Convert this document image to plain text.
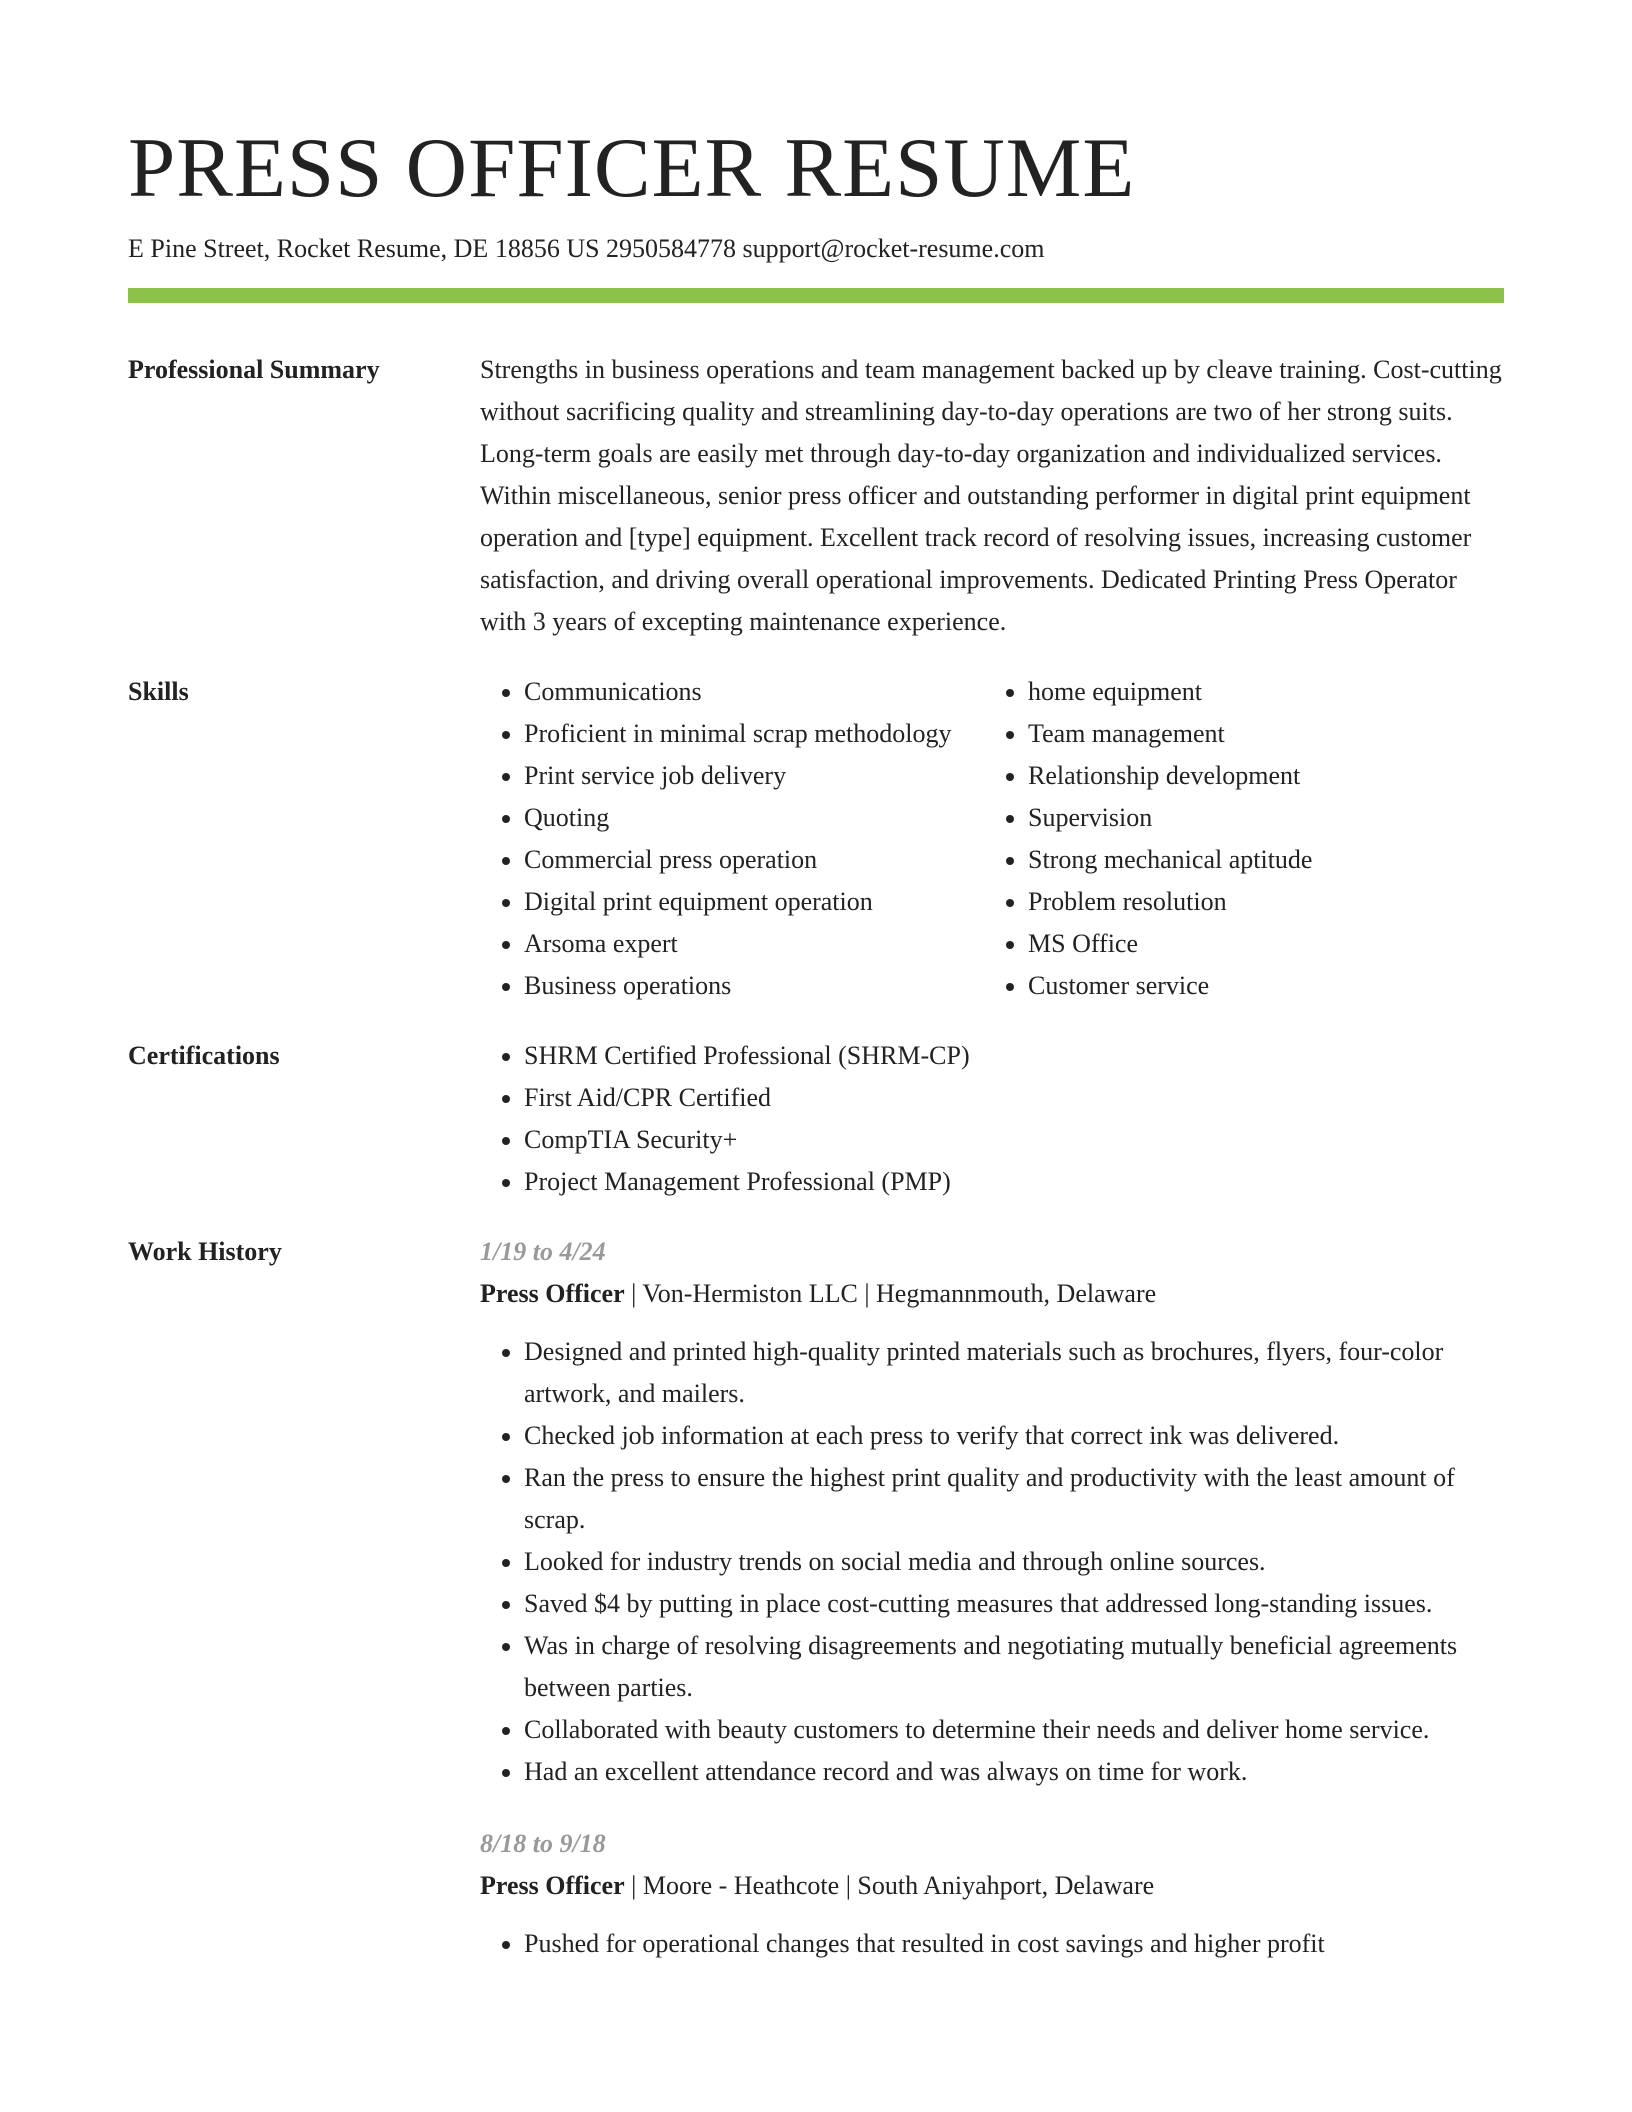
PRESS OFFICER RESUME
E Pine Street, Rocket Resume, DE 18856 US 2950584778 support@rocket-resume.com
Professional Summary	Strengths in business operations and team management backed up by cleave training. Cost-cutting without sacrificing quality and streamlining day-to-day operations are two of her strong suits. Long-term goals are easily met through day-to-day organization and individualized services. Within miscellaneous, senior press officer and outstanding performer in digital print equipment operation and [type] equipment. Excellent track record of resolving issues, increasing customer satisfaction, and driving overall operational improvements. Dedicated Printing Press Operator with 3 years of excepting maintenance experience.

Skills	• Communications
• Proficient in minimal scrap methodology
• Print service job delivery
• Quoting
• Commercial press operation
• Digital print equipment operation
• Arsoma expert
• Business operations
• home equipment
• Team management
• Relationship development
• Supervision
• Strong mechanical aptitude
• Problem resolution
• MS Office
• Customer service
Certifications	• SHRM Certified Professional (SHRM-CP)
• First Aid/CPR Certified
• CompTIA Security+
• Project Management Professional (PMP)
Work History	1/19 to 4/24
Press Officer | Von-Hermiston LLC | Hegmannmouth, Delaware
• Designed and printed high-quality printed materials such as brochures, flyers, four-color artwork, and mailers.
• Checked job information at each press to verify that correct ink was delivered.
• Ran the press to ensure the highest print quality and productivity with the least amount of scrap.
• Looked for industry trends on social media and through online sources.
• Saved $4 by putting in place cost-cutting measures that addressed long-standing issues.
• Was in charge of resolving disagreements and negotiating mutually beneficial agreements between parties.
• Collaborated with beauty customers to determine their needs and deliver home service.
• Had an excellent attendance record and was always on time for work.
8/18 to 9/18
Press Officer | Moore - Heathcote | South Aniyahport, Delaware
• Pushed for operational changes that resulted in cost savings and higher profit
